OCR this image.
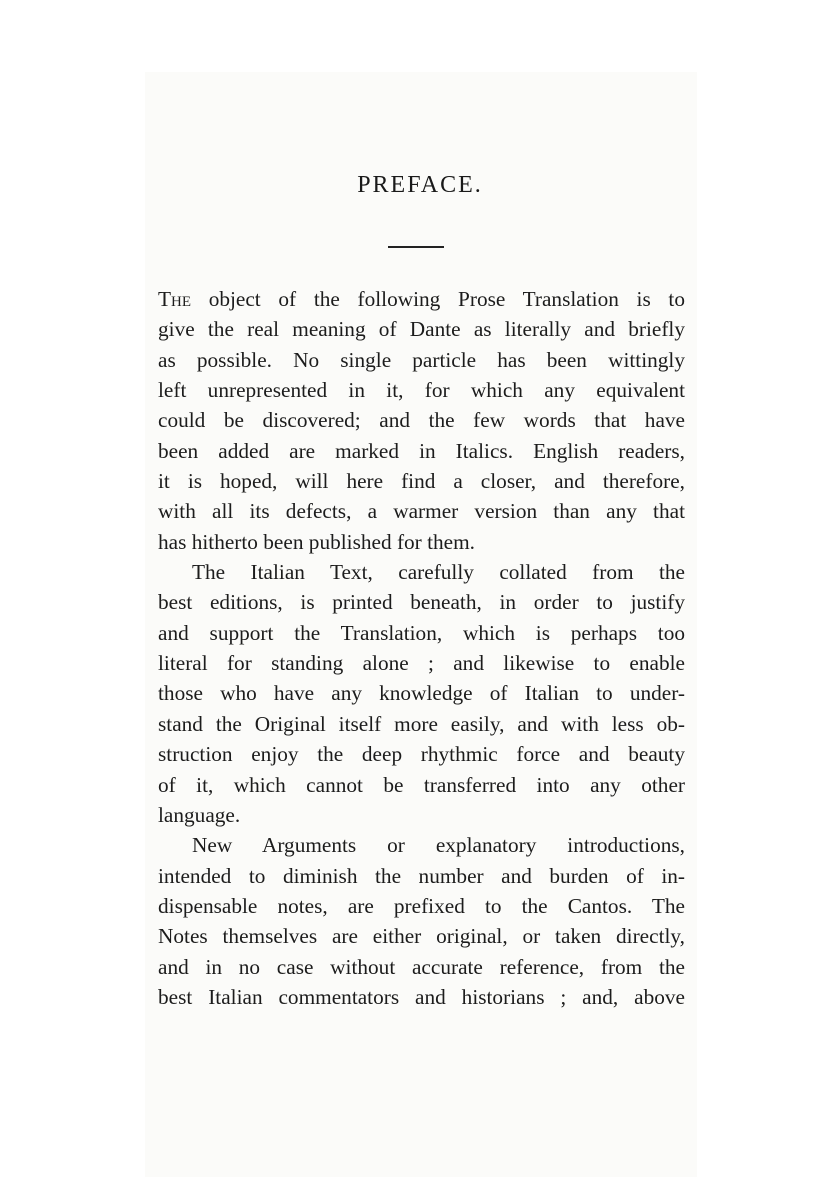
PREFACE.
The object of the following Prose Translation is to
give the real meaning of Dante as literally and briefly
as possible. No single particle has been wittingly
left unrepresented in it, for which any equivalent
could be discovered; and the few words that have
been added are marked in Italics. English readers,
it is hoped, will here find a closer, and therefore,
with all its defects, a warmer version than any that
has hitherto been published for them.
The Italian Text, carefully collated from the
best editions, is printed beneath, in order to justify
and support the Translation, which is perhaps too
literal for standing alone ; and likewise to enable
those who have any knowledge of Italian to under-
stand the Original itself more easily, and with less ob-
struction enjoy the deep rhythmic force and beauty
of it, which cannot be transferred into any other
language.
New Arguments or explanatory introductions,
intended to diminish the number and burden of in-
dispensable notes, are prefixed to the Cantos. The
Notes themselves are either original, or taken directly,
and in no case without accurate reference, from the
best Italian commentators and historians ; and, above
